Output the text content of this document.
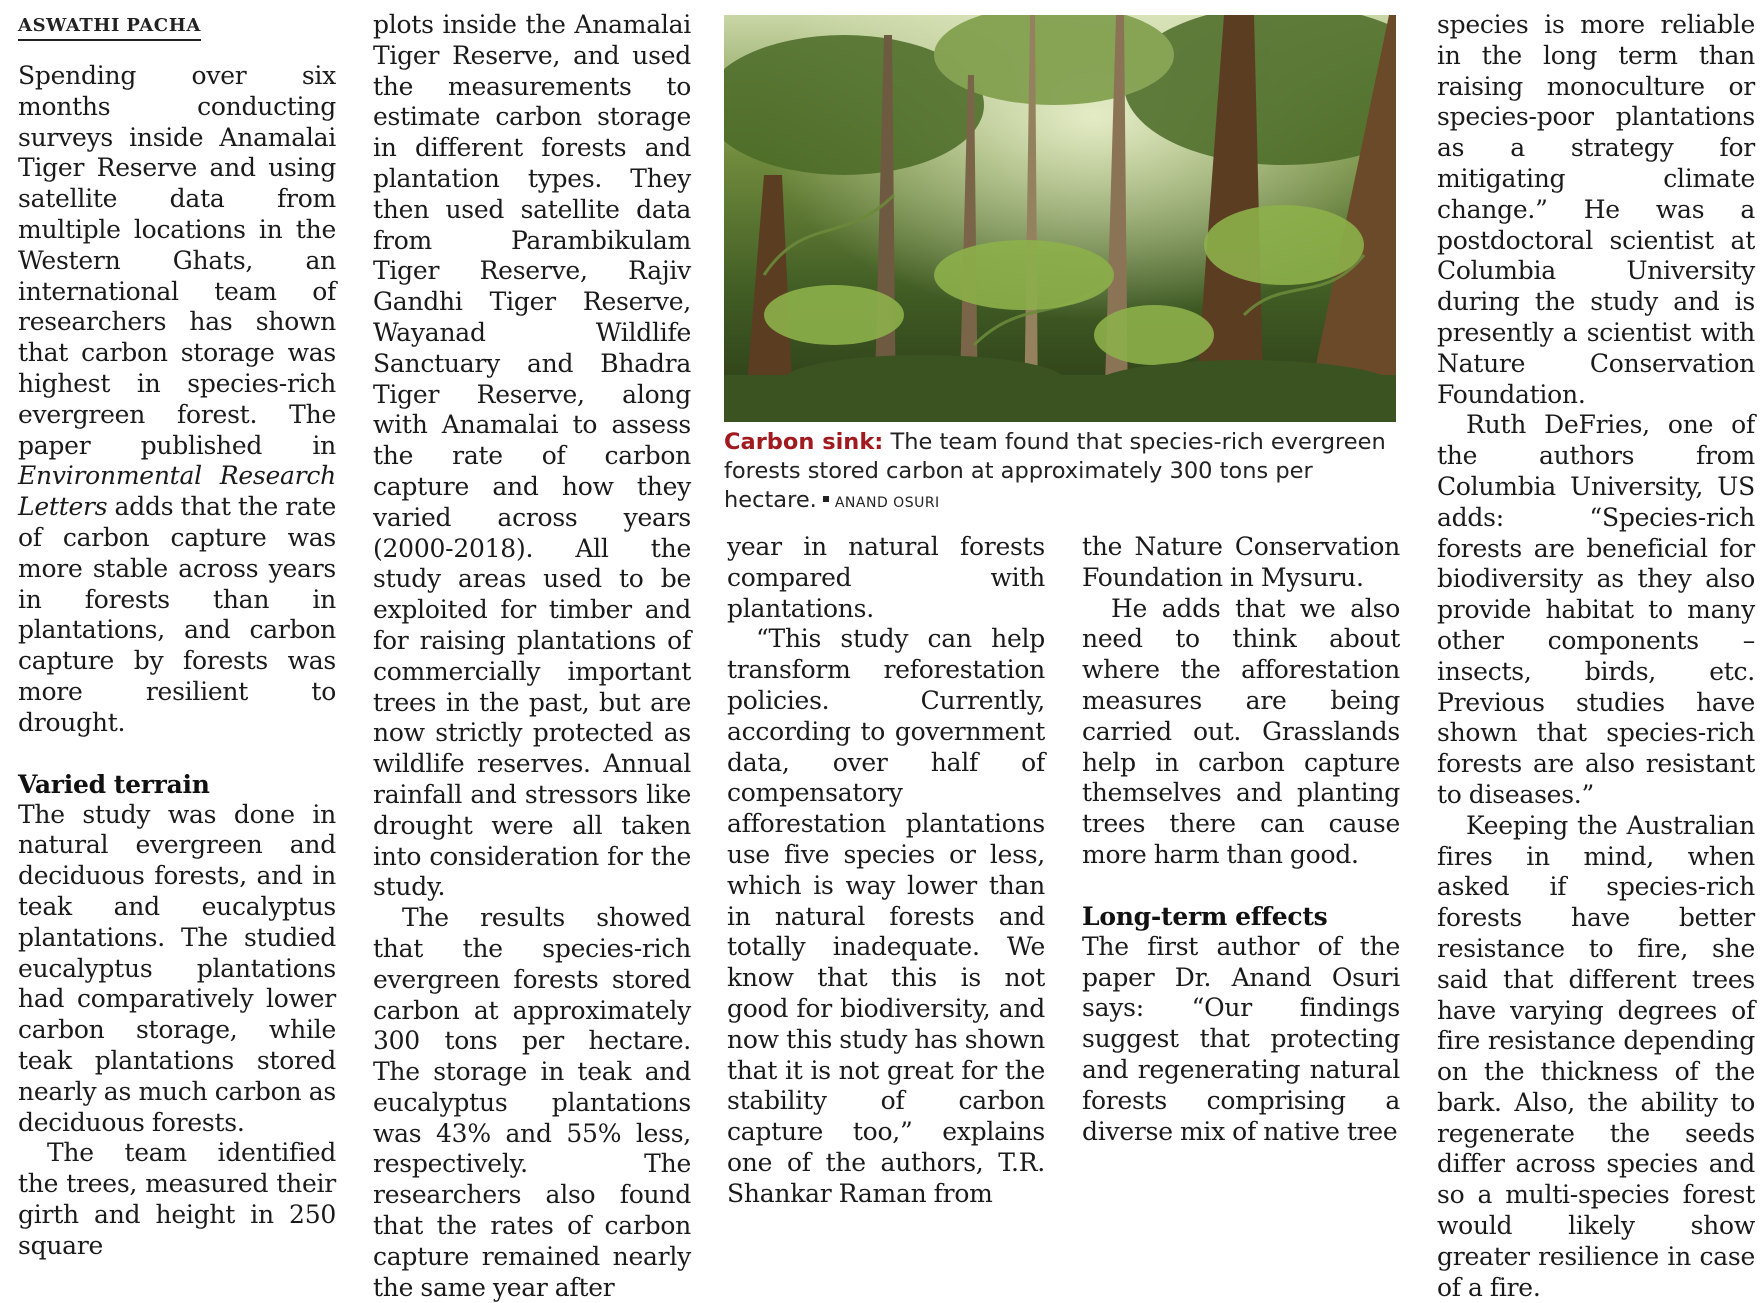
ASWATHI PACHA

Spending over six months conducting surveys inside Anamalai Tiger Reserve and using satellite data from multiple locations in the Western Ghats, an international team of researchers has shown that carbon storage was highest in species-rich evergreen forest. The paper published in Environmental Research Letters adds that the rate of carbon capture was more stable across years in forests than in plantations, and carbon capture by forests was more resilient to drought.

Varied terrain

The study was done in natural evergreen and deciduous forests, and in teak and eucalyptus plantations. The studied eucalyptus plantations had comparatively lower carbon storage, while teak plantations stored nearly as much carbon as deciduous forests.

The team identified the trees, measured their girth and height in 250 square

plots inside the Anamalai Tiger Reserve, and used the measurements to estimate carbon storage in different forests and plantation types. They then used satellite data from Parambikulam Tiger Reserve, Rajiv Gandhi Tiger Reserve, Wayanad Wildlife Sanctuary and Bhadra Tiger Reserve, along with Anamalai to assess the rate of carbon capture and how they varied across years (2000-2018). All the study areas used to be exploited for timber and for raising plantations of commercially important trees in the past, but are now strictly protected as wildlife reserves. Annual rainfall and stressors like drought were all taken into consideration for the study.

The results showed that the species-rich evergreen forests stored carbon at approximately 300 tons per hectare. The storage in teak and eucalyptus plantations was 43% and 55% less, respectively. The researchers also found that the rates of carbon capture remained nearly the same year after

Carbon sink: The team found that species-rich evergreen forests stored carbon at approximately 300 tons per hectare. ANAND OSURI

year in natural forests compared with plantations.

“This study can help transform reforestation policies. Currently, according to government data, over half of compensatory afforestation plantations use five species or less, which is way lower than in natural forests and totally inadequate. We know that this is not good for biodiversity, and now this study has shown that it is not great for the stability of carbon capture too,” explains one of the authors, T.R. Shankar Raman from

the Nature Conservation Foundation in Mysuru.

He adds that we also need to think about where the afforestation measures are being carried out. Grasslands help in carbon capture themselves and planting trees there can cause more harm than good.

Long-term effects

The first author of the paper Dr. Anand Osuri says: “Our findings suggest that protecting and regenerating natural forests comprising a diverse mix of native tree

species is more reliable in the long term than raising monoculture or species-poor plantations as a strategy for mitigating climate change.” He was a postdoctoral scientist at Columbia University during the study and is presently a scientist with Nature Conservation Foundation.

Ruth DeFries, one of the authors from Columbia University, US adds: “Species-rich forests are beneficial for biodiversity as they also provide habitat to many other components – insects, birds, etc. Previous studies have shown that species-rich forests are also resistant to diseases.”

Keeping the Australian fires in mind, when asked if species-rich forests have better resistance to fire, she said that different trees have varying degrees of fire resistance depending on the thickness of the bark. Also, the ability to regenerate the seeds differ across species and so a multi-species forest would likely show greater resilience in case of a fire.
